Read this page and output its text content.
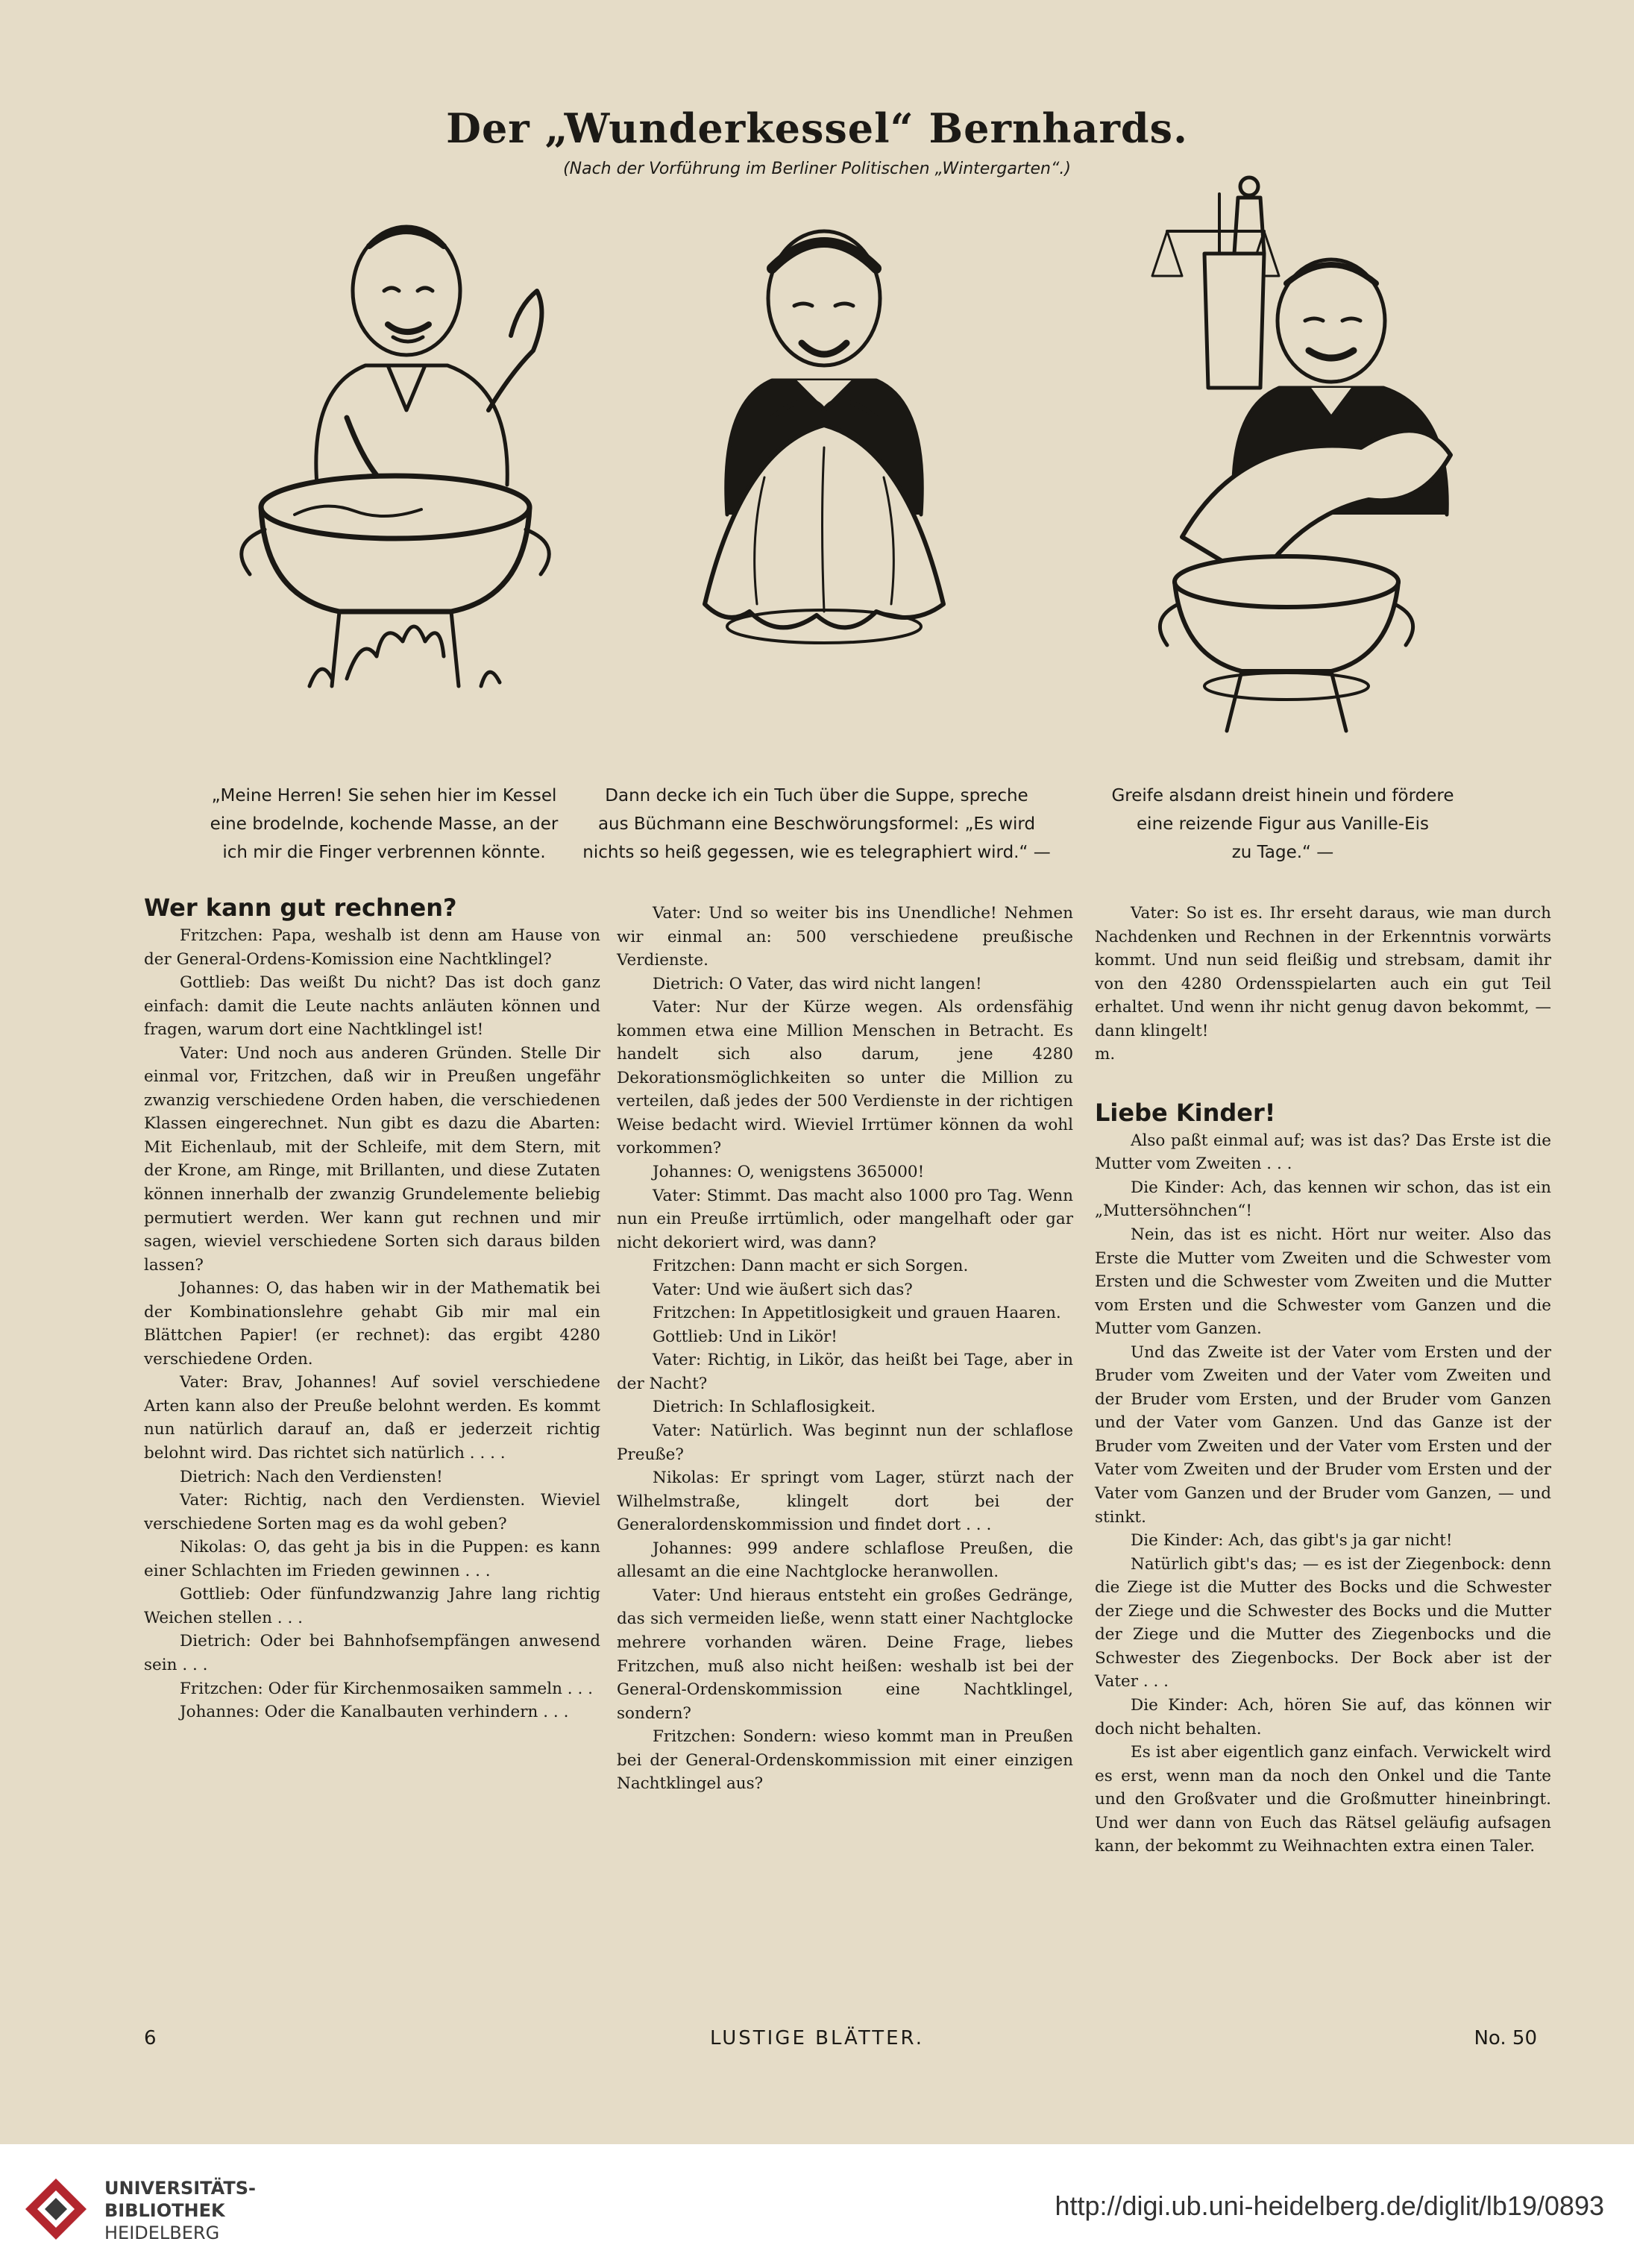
Der „Wunderkessel“ Bernhards.
(Nach der Vorführung im Berliner Politischen „Wintergarten“.)
„Meine Herren! Sie sehen hier im Kessel
eine brodelnde, kochende Masse, an der
ich mir die Finger verbrennen könnte.
Dann decke ich ein Tuch über die Suppe, spreche
aus Büchmann eine Beschwörungsformel: „Es wird
nichts so heiß gegessen, wie es telegraphiert wird.“ —
Greife alsdann dreist hinein und fördere
eine reizende Figur aus Vanille-Eis
zu Tage.“ —

Wer kann gut rechnen?

Fritzchen: Papa, weshalb ist denn am Hause von der General-Ordens-Komission eine Nachtklingel?

Gottlieb: Das weißt Du nicht? Das ist doch ganz einfach: damit die Leute nachts anläuten können und fragen, warum dort eine Nachtklingel ist!

Vater: Und noch aus anderen Gründen. Stelle Dir einmal vor, Fritzchen, daß wir in Preußen ungefähr zwanzig verschiedene Orden haben, die verschiedenen Klassen eingerechnet. Nun gibt es dazu die Abarten: Mit Eichenlaub, mit der Schleife, mit dem Stern, mit der Krone, am Ringe, mit Brillanten, und diese Zutaten können innerhalb der zwanzig Grundelemente beliebig permutiert werden. Wer kann gut rechnen und mir sagen, wieviel verschiedene Sorten sich daraus bilden lassen?

Johannes: O, das haben wir in der Mathematik bei der Kombinationslehre gehabt Gib mir mal ein Blättchen Papier! (er rechnet): das ergibt 4280 verschiedene Orden.

Vater: Brav, Johannes! Auf soviel verschiedene Arten kann also der Preuße belohnt werden. Es kommt nun natürlich darauf an, daß er jederzeit richtig belohnt wird. Das richtet sich natürlich . . . .

Dietrich: Nach den Verdiensten!

Vater: Richtig, nach den Verdiensten. Wieviel verschiedene Sorten mag es da wohl geben?

Nikolas: O, das geht ja bis in die Puppen: es kann einer Schlachten im Frieden gewinnen . . .

Gottlieb: Oder fünfundzwanzig Jahre lang richtig Weichen stellen . . .

Dietrich: Oder bei Bahnhofsempfängen anwesend sein . . .

Fritzchen: Oder für Kirchenmosaiken sammeln . . .

Johannes: Oder die Kanalbauten verhindern . . .

Vater: Und so weiter bis ins Unendliche! Nehmen wir einmal an: 500 verschiedene preußische Verdienste.

Dietrich: O Vater, das wird nicht langen!

Vater: Nur der Kürze wegen. Als ordensfähig kommen etwa eine Million Menschen in Betracht. Es handelt sich also darum, jene 4280 Dekorationsmöglichkeiten so unter die Million zu verteilen, daß jedes der 500 Verdienste in der richtigen Weise bedacht wird. Wieviel Irrtümer können da wohl vorkommen?

Johannes: O, wenigstens 365000!

Vater: Stimmt. Das macht also 1000 pro Tag. Wenn nun ein Preuße irrtümlich, oder mangelhaft oder gar nicht dekoriert wird, was dann?

Fritzchen: Dann macht er sich Sorgen.

Vater: Und wie äußert sich das?

Fritzchen: In Appetitlosigkeit und grauen Haaren.

Gottlieb: Und in Likör!

Vater: Richtig, in Likör, das heißt bei Tage, aber in der Nacht?

Dietrich: In Schlaflosigkeit.

Vater: Natürlich. Was beginnt nun der schlaflose Preuße?

Nikolas: Er springt vom Lager, stürzt nach der Wilhelmstraße, klingelt dort bei der Generalordenskommission und findet dort . . .

Johannes: 999 andere schlaflose Preußen, die allesamt an die eine Nachtglocke heranwollen.

Vater: Und hieraus entsteht ein großes Gedränge, das sich vermeiden ließe, wenn statt einer Nachtglocke mehrere vorhanden wären. Deine Frage, liebes Fritzchen, muß also nicht heißen: weshalb ist bei der General-Ordenskommission eine Nachtklingel, sondern?

Fritzchen: Sondern: wieso kommt man in Preußen bei der General-Ordenskommission mit einer einzigen Nachtklingel aus?

Vater: So ist es. Ihr erseht daraus, wie man durch Nachdenken und Rechnen in der Erkenntnis vorwärts kommt. Und nun seid fleißig und strebsam, damit ihr von den 4280 Ordensspielarten auch ein gut Teil erhaltet. Und wenn ihr nicht genug davon bekommt, — dann klingelt!

m.

Liebe Kinder!

Also paßt einmal auf; was ist das? Das Erste ist die Mutter vom Zweiten . . .

Die Kinder: Ach, das kennen wir schon, das ist ein „Muttersöhnchen“!

Nein, das ist es nicht. Hört nur weiter. Also das Erste die Mutter vom Zweiten und die Schwester vom Ersten und die Schwester vom Zweiten und die Mutter vom Ersten und die Schwester vom Ganzen und die Mutter vom Ganzen.

Und das Zweite ist der Vater vom Ersten und der Bruder vom Zweiten und der Vater vom Zweiten und der Bruder vom Ersten, und der Bruder vom Ganzen und der Vater vom Ganzen. Und das Ganze ist der Bruder vom Zweiten und der Vater vom Ersten und der Vater vom Zweiten und der Bruder vom Ersten und der Vater vom Ganzen und der Bruder vom Ganzen, — und stinkt.

Die Kinder: Ach, das gibt's ja gar nicht!

Natürlich gibt's das; — es ist der Ziegenbock: denn die Ziege ist die Mutter des Bocks und die Schwester der Ziege und die Schwester des Bocks und die Mutter der Ziege und die Mutter des Ziegenbocks und die Schwester des Ziegenbocks. Der Bock aber ist der Vater . . .

Die Kinder: Ach, hören Sie auf, das können wir doch nicht behalten.

Es ist aber eigentlich ganz einfach. Verwickelt wird es erst, wenn man da noch den Onkel und die Tante und den Großvater und die Großmutter hineinbringt. Und wer dann von Euch das Rätsel geläufig aufsagen kann, der bekommt zu Weihnachten extra einen Taler.

6	LUSTIGE BLÄTTER.	No. 50
UNIVERSITÄTS-
BIBLIOTHEK
HEIDELBERG
http://digi.ub.uni-heidelberg.de/diglit/lb19/0893
